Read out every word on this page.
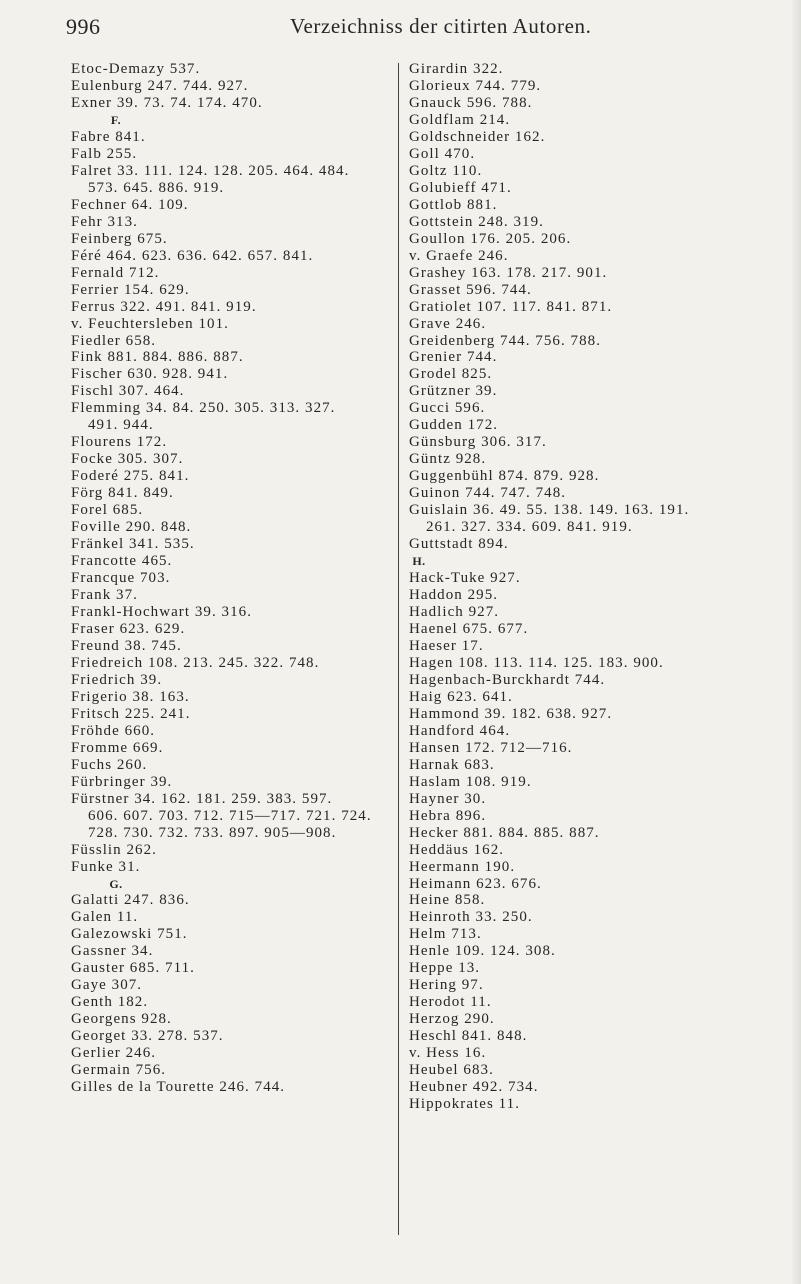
996	Verzeichniss der citirten Autoren.
Etoc-Demazy 537.
Eulenburg 247. 744. 927.
Exner 39. 73. 74. 174. 470.
F.
Fabre 841.
Falb 255.
Falret 33. 111. 124. 128. 205. 464. 484.
573. 645. 886. 919.
Fechner 64. 109.
Fehr 313.
Feinberg 675.
Féré 464. 623. 636. 642. 657. 841.
Fernald 712.
Ferrier 154. 629.
Ferrus 322. 491. 841. 919.
v. Feuchtersleben 101.
Fiedler 658.
Fink 881. 884. 886. 887.
Fischer 630. 928. 941.
Fischl 307. 464.
Flemming 34. 84. 250. 305. 313. 327.
491. 944.
Flourens 172.
Focke 305. 307.
Foderé 275. 841.
Förg 841. 849.
Forel 685.
Foville 290. 848.
Fränkel 341. 535.
Francotte 465.
Francque 703.
Frank 37.
Frankl-Hochwart 39. 316.
Fraser 623. 629.
Freund 38. 745.
Friedreich 108. 213. 245. 322. 748.
Friedrich 39.
Frigerio 38. 163.
Fritsch 225. 241.
Fröhde 660.
Fromme 669.
Fuchs 260.
Fürbringer 39.
Fürstner 34. 162. 181. 259. 383. 597.
606. 607. 703. 712. 715—717. 721. 724.
728. 730. 732. 733. 897. 905—908.
Füsslin 262.
Funke 31.
G.
Galatti 247. 836.
Galen 11.
Galezowski 751.
Gassner 34.
Gauster 685. 711.
Gaye 307.
Genth 182.
Georgens 928.
Georget 33. 278. 537.
Gerlier 246.
Germain 756.
Gilles de la Tourette 246. 744.
Girardin 322.
Glorieux 744. 779.
Gnauck 596. 788.
Goldflam 214.
Goldschneider 162.
Goll 470.
Goltz 110.
Golubieff 471.
Gottlob 881.
Gottstein 248. 319.
Goullon 176. 205. 206.
v. Graefe 246.
Grashey 163. 178. 217. 901.
Grasset 596. 744.
Gratiolet 107. 117. 841. 871.
Grave 246.
Greidenberg 744. 756. 788.
Grenier 744.
Grodel 825.
Grützner 39.
Gucci 596.
Gudden 172.
Günsburg 306. 317.
Güntz 928.
Guggenbühl 874. 879. 928.
Guinon 744. 747. 748.
Guislain 36. 49. 55. 138. 149. 163. 191.
261. 327. 334. 609. 841. 919.
Guttstadt 894.
H.
Hack-Tuke 927.
Haddon 295.
Hadlich 927.
Haenel 675. 677.
Haeser 17.
Hagen 108. 113. 114. 125. 183. 900.
Hagenbach-Burckhardt 744.
Haig 623. 641.
Hammond 39. 182. 638. 927.
Handford 464.
Hansen 172. 712—716.
Harnak 683.
Haslam 108. 919.
Hayner 30.
Hebra 896.
Hecker 881. 884. 885. 887.
Heddäus 162.
Heermann 190.
Heimann 623. 676.
Heine 858.
Heinroth 33. 250.
Helm 713.
Henle 109. 124. 308.
Heppe 13.
Hering 97.
Herodot 11.
Herzog 290.
Heschl 841. 848.
v. Hess 16.
Heubel 683.
Heubner 492. 734.
Hippokrates 11.
